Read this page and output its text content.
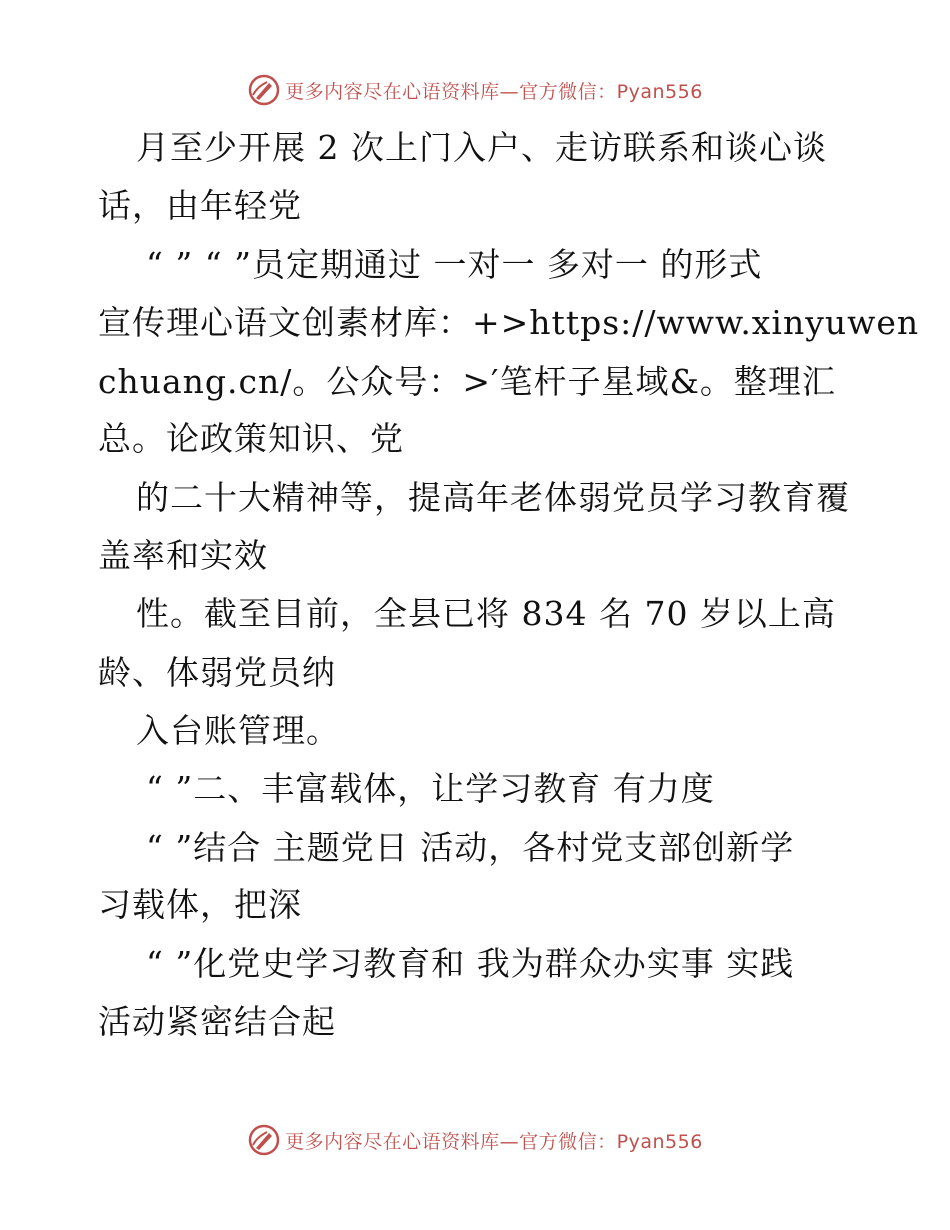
更多内容尽在心语资料库—官方微信：Pyan556
月至少开展 2 次上门入户、走访联系和谈心谈
话，由年轻党
“ ” “ ”员定期通过 一对一 多对一 的形式
宣传理心语文创素材库：+>https://www.xinyuwen
chuang.cn/。公众号：>′笔杆子星域&。整理汇
总。论政策知识、党
的二十大精神等，提高年老体弱党员学习教育覆
盖率和实效
性。截至目前，全县已将 834 名 70 岁以上高
龄、体弱党员纳
入台账管理。
“ ”二、丰富载体，让学习教育 有力度
“ ”结合 主题党日 活动，各村党支部创新学
习载体，把深
“ ”化党史学习教育和 我为群众办实事 实践
活动紧密结合起
更多内容尽在心语资料库—官方微信：Pyan556
